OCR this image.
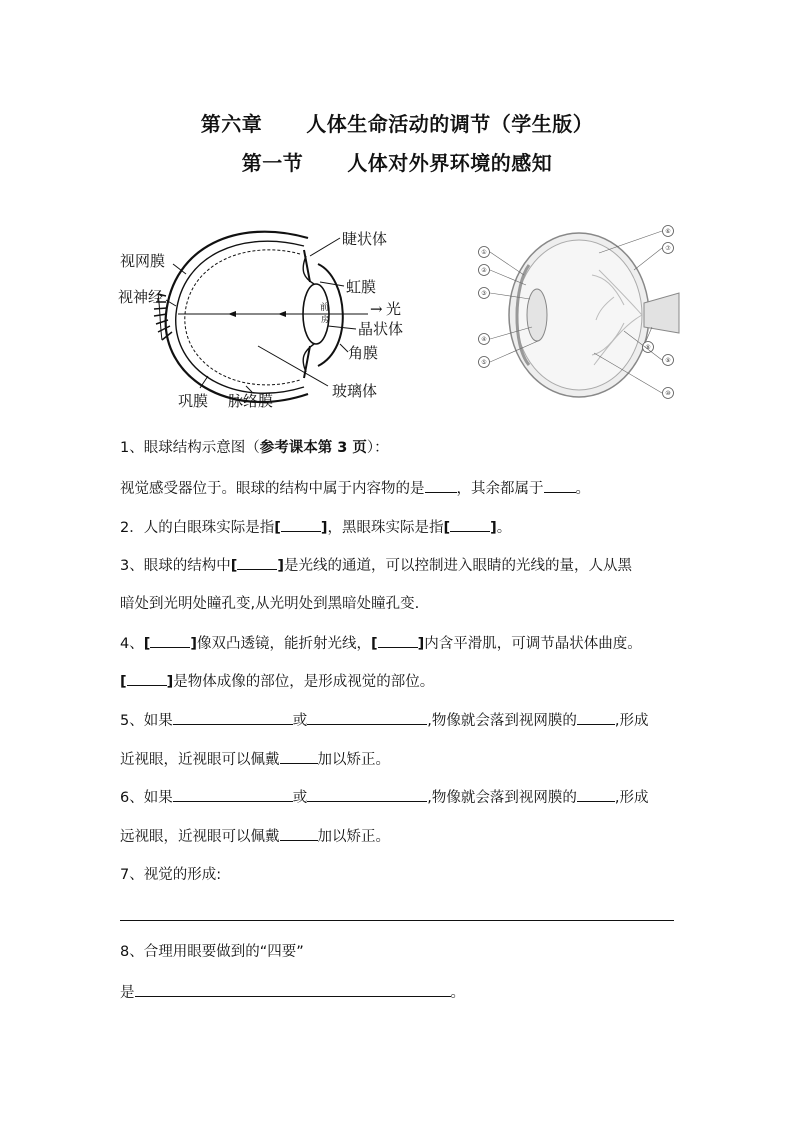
第六章 人体生命活动的调节（学生版）
第一节 人体对外界环境的感知
睫状体
视网膜
虹膜
视神经
→ 光
晶状体
角膜
玻璃体
巩膜 脉络膜
前
房
①
②
③
④
⑤
⑥
⑦
⑧
⑨
⑩
1、眼球结构示意图（参考课本第 3 页）：
视觉感受器位于。眼球的结构中属于内容物的是 ，其余都属于 。
2．人的白眼珠实际是指[	]，黑眼珠实际是指[	]。
3、眼球的结构中[	]是光线的通道，可以控制进入眼睛的光线的量，人从黑
暗处到光明处瞳孔变,从光明处到黑暗处瞳孔变.
4、[	]像双凸透镜，能折射光线，[	]内含平滑肌，可调节晶状体曲度。
[	]是物体成像的部位，是形成视觉的部位。
5、如果	或	,物像就会落到视网膜的	,形成
近视眼，近视眼可以佩戴	加以矫正。
6、如果	或	,物像就会落到视网膜的	,形成
远视眼，近视眼可以佩戴	加以矫正。
7、视觉的形成:
8、合理用眼要做到的“四要”
是	。
